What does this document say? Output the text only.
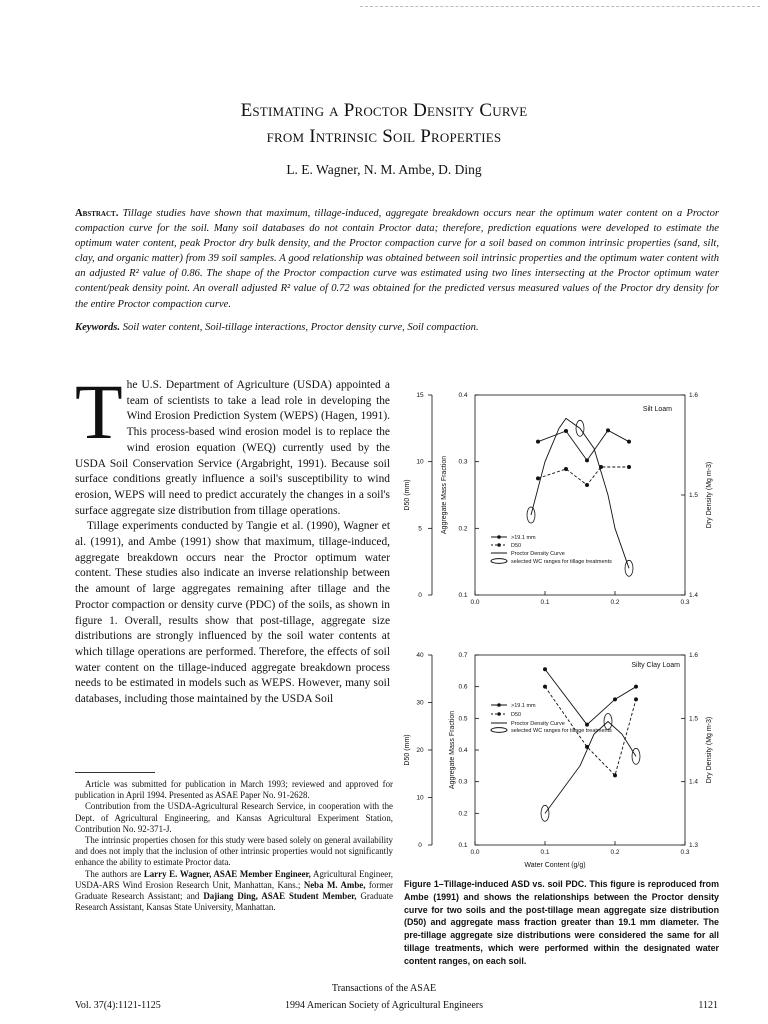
Estimating a Proctor Density Curve
from Intrinsic Soil Properties
L. E. Wagner, N. M. Ambe, D. Ding
Abstract. Tillage studies have shown that maximum, tillage-induced, aggregate breakdown occurs near the optimum water content on a Proctor compaction curve for the soil. Many soil databases do not contain Proctor data; therefore, prediction equations were developed to estimate the optimum water content, peak Proctor dry bulk density, and the Proctor compaction curve for a soil based on common intrinsic properties (sand, silt, clay, and organic matter) from 39 soil samples. A good relationship was obtained between soil intrinsic properties and the optimum water content with an adjusted R² value of 0.86. The shape of the Proctor compaction curve was estimated using two lines intersecting at the Proctor optimum water content/peak density point. An overall adjusted R² value of 0.72 was obtained for the predicted versus measured values of the Proctor dry density for the entire Proctor compaction curve.
Keywords. Soil water content, Soil-tillage interactions, Proctor density curve, Soil compaction.

The U.S. Department of Agriculture (USDA) appointed a team of scientists to take a lead role in developing the Wind Erosion Prediction System (WEPS) (Hagen, 1991). This process-based wind erosion model is to replace the wind erosion equation (WEQ) currently used by the USDA Soil Conservation Service (Argabright, 1991). Because soil surface conditions greatly influence a soil's susceptibility to wind erosion, WEPS will need to predict accurately the changes in a soil's surface aggregate size distribution from tillage operations.

Tillage experiments conducted by Tangie et al. (1990), Wagner et al. (1991), and Ambe (1991) show that maximum, tillage-induced, aggregate breakdown occurs near the Proctor optimum water content. These studies also indicate an inverse relationship between the amount of large aggregates remaining after tillage and the Proctor compaction or density curve (PDC) of the soils, as shown in figure 1. Overall, results show that post-tillage, aggregate size distributions are strongly influenced by the soil water contents at which tillage operations are performed. Therefore, the effects of soil water content on the tillage-induced aggregate breakdown process needs to be estimated in models such as WEPS. However, many soil databases, including those maintained by the USDA Soil

Article was submitted for publication in March 1993; reviewed and approved for publication in April 1994. Presented as ASAE Paper No. 91-2628.

Contribution from the USDA-Agricultural Research Service, in cooperation with the Dept. of Agricultural Engineering, and Kansas Agricultural Experiment Station, Contribution No. 92-371-J.

The intrinsic properties chosen for this study were based solely on general availability and does not imply that the inclusion of other intrinsic properties would not significantly enhance the ability to estimate Proctor data.

The authors are Larry E. Wagner, ASAE Member Engineer, Agricultural Engineer, USDA-ARS Wind Erosion Research Unit, Manhattan, Kans.; Neba M. Ambe, former Graduate Research Assistant; and Dajiang Ding, ASAE Student Member, Graduate Research Assistant, Kansas State University, Manhattan.

0.0	0.1	0.2	0.3
0.1
0.2
0.3
0.4
0
5
10
15
1.4
1.5
1.6
Silt Loam
D50 (mm)	Aggregate Mass Fraction	Dry Density (Mg m-3)
>19.1 mm
D50
Proctor Density Curve
selected WC ranges for tillage treatments
0.0	0.1	0.2	0.3
0.1
0.2
0.3
0.4
0.5
0.6
0.7
0
10
20
30
40
1.3
1.4
1.5
1.6
Silty Clay Loam
Water Content (g/g)
D50 (mm)	Aggregate Mass Fraction	Dry Density (Mg m-3)
>19.1 mm
D50
Proctor Density Curve
selected WC ranges for tillage treatments
Figure 1–Tillage-induced ASD vs. soil PDC. This figure is reproduced from Ambe (1991) and shows the relationships between the Proctor density curve for two soils and the post-tillage mean aggregate size distribution (D50) and aggregate mass fraction greater than 19.1 mm diameter. The pre-tillage aggregate size distributions were considered the same for all tillage treatments, which were performed within the designated water content ranges, on each soil.
Transactions of the ASAE
Vol. 37(4):1121-1125	1994 American Society of Agricultural Engineers	1121
